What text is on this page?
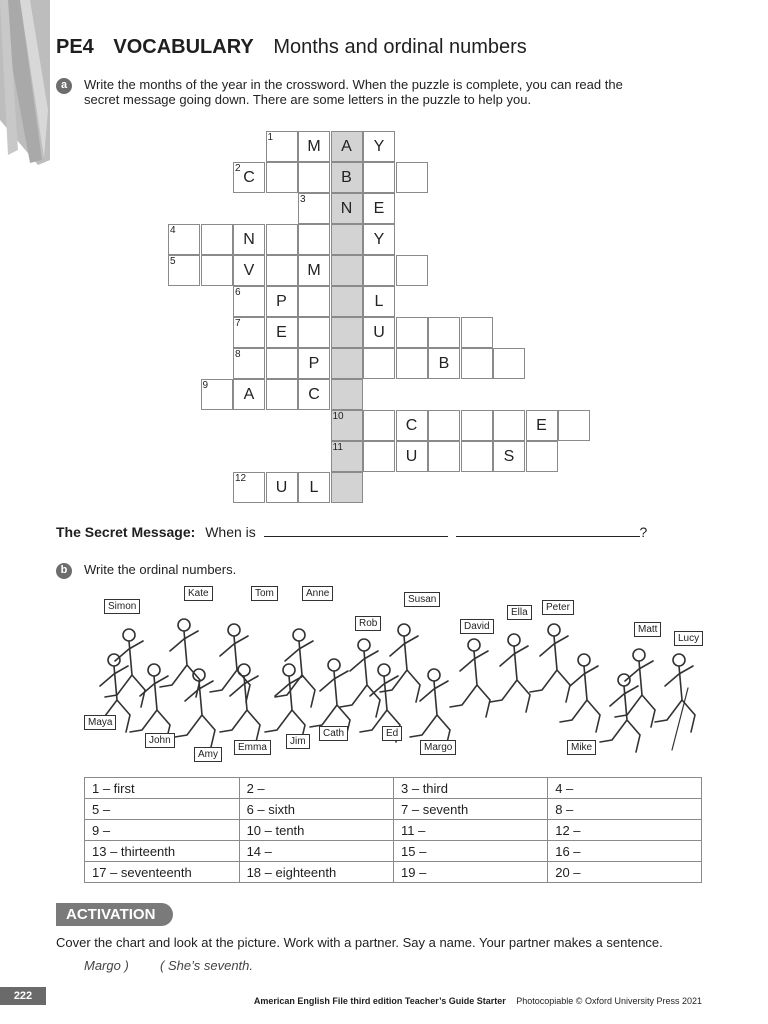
PE4 VOCABULARY Months and ordinal numbers
a	Write the months of the year in the crossword. When the puzzle is complete, you can read the
secret message going down. There are some letters in the puzzle to help you.
M	A	Y
1
C	B
2
N	E
3
N	Y
4
V	M
5
P	L
6
E	U
7
P	B
8
A	C
9
C	E
10
U	S
11
U	L
12
The Secret Message: When is	?
b	Write the ordinal numbers.
Simon
Kate	Tom	Anne
Susan
Ella	Peter
Rob	David	Matt
Lucy
Maya
John
Amy
Emma
Jim
Cath	Ed
Margo	Mike
1 – first	2 –	3 – third	4 –
5 –	6 – sixth	7 – seventh	8 –
9 –	10 – tenth	11 –	12 –
13 – thirteenth	14 –	15 –	16 –
17 – seventeenth	18 – eighteenth	19 –	20 –
ACTIVATION
Cover the chart and look at the picture. Work with a partner. Say a name. Your partner makes a sentence.
Margo ) ( She’s seventh.
222	American English File third edition Teacher’s Guide Starter Photocopiable © Oxford University Press 2021
